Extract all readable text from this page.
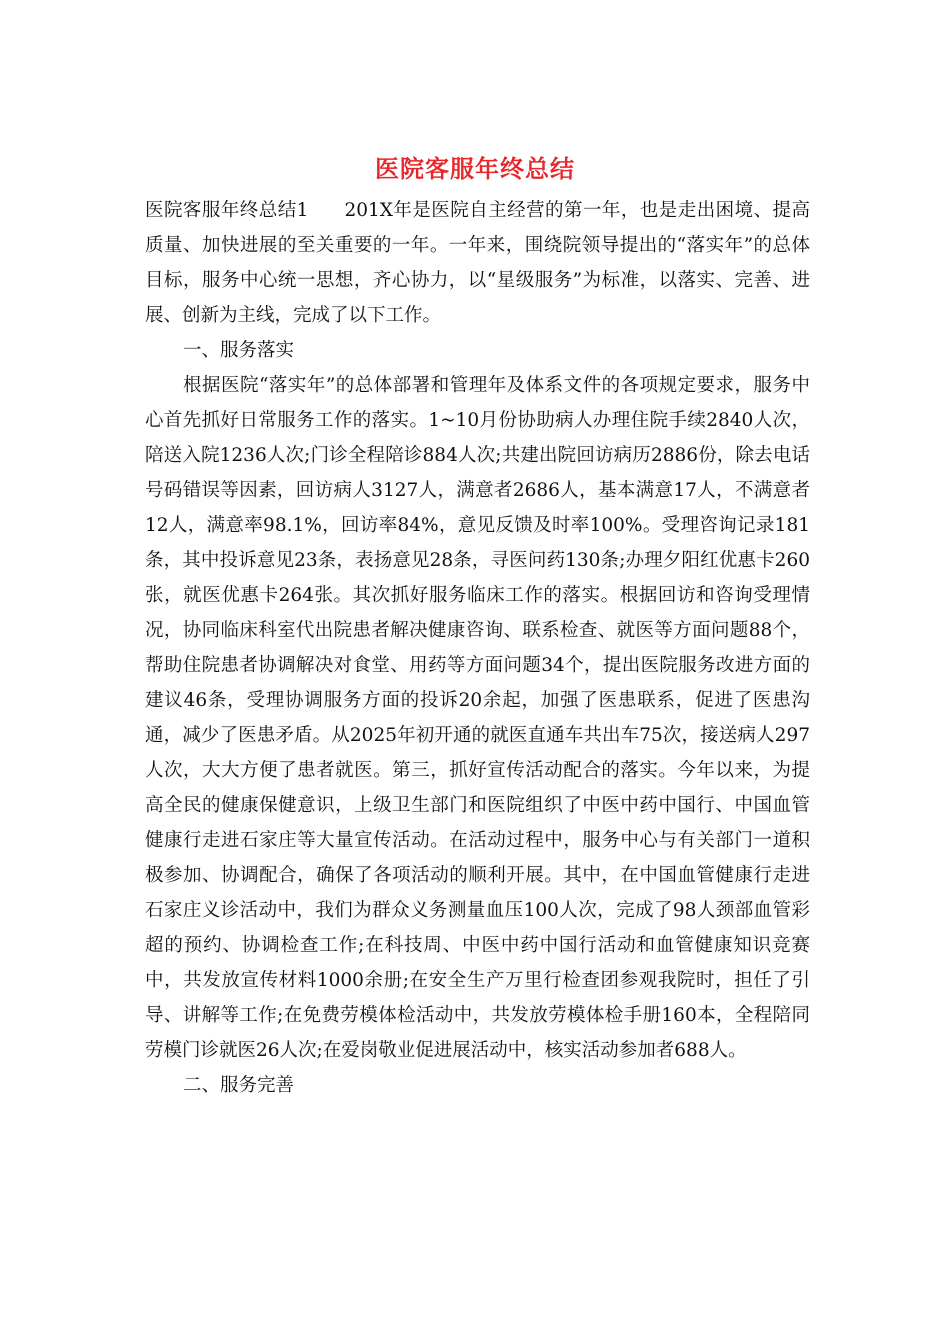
医院客服年终总结

医院客服年终总结1 201X年是医院自主经营的第一年，也是走出困境、提高质量、加快进展的至关重要的一年。一年来，围绕院领导提出的“落实年”的总体目标，服务中心统一思想，齐心协力，以“星级服务”为标准，以落实、完善、进展、创新为主线，完成了以下工作。

一、服务落实

根据医院“落实年”的总体部署和管理年及体系文件的各项规定要求，服务中心首先抓好日常服务工作的落实。1~10月份协助病人办理住院手续2840人次，陪送入院1236人次;门诊全程陪诊884人次;共建出院回访病历2886份，除去电话号码错误等因素，回访病人3127人，满意者2686人，基本满意17人，不满意者12人，满意率98.1%，回访率84%，意见反馈及时率100%。受理咨询记录181条，其中投诉意见23条，表扬意见28条，寻医问药130条;办理夕阳红优惠卡260张，就医优惠卡264张。其次抓好服务临床工作的落实。根据回访和咨询受理情况，协同临床科室代出院患者解决健康咨询、联系检查、就医等方面问题88个，帮助住院患者协调解决对食堂、用药等方面问题34个，提出医院服务改进方面的建议46条，受理协调服务方面的投诉20余起，加强了医患联系，促进了医患沟通，减少了医患矛盾。从2025年初开通的就医直通车共出车75次，接送病人297人次，大大方便了患者就医。第三，抓好宣传活动配合的落实。今年以来，为提高全民的健康保健意识，上级卫生部门和医院组织了中医中药中国行、中国血管健康行走进石家庄等大量宣传活动。在活动过程中，服务中心与有关部门一道积极参加、协调配合，确保了各项活动的顺利开展。其中，在中国血管健康行走进石家庄义诊活动中，我们为群众义务测量血压100人次，完成了98人颈部血管彩超的预约、协调检查工作;在科技周、中医中药中国行活动和血管健康知识竞赛中，共发放宣传材料1000余册;在安全生产万里行检查团参观我院时，担任了引导、讲解等工作;在免费劳模体检活动中，共发放劳模体检手册160本，全程陪同劳模门诊就医26人次;在爱岗敬业促进展活动中，核实活动参加者688人。

二、服务完善
